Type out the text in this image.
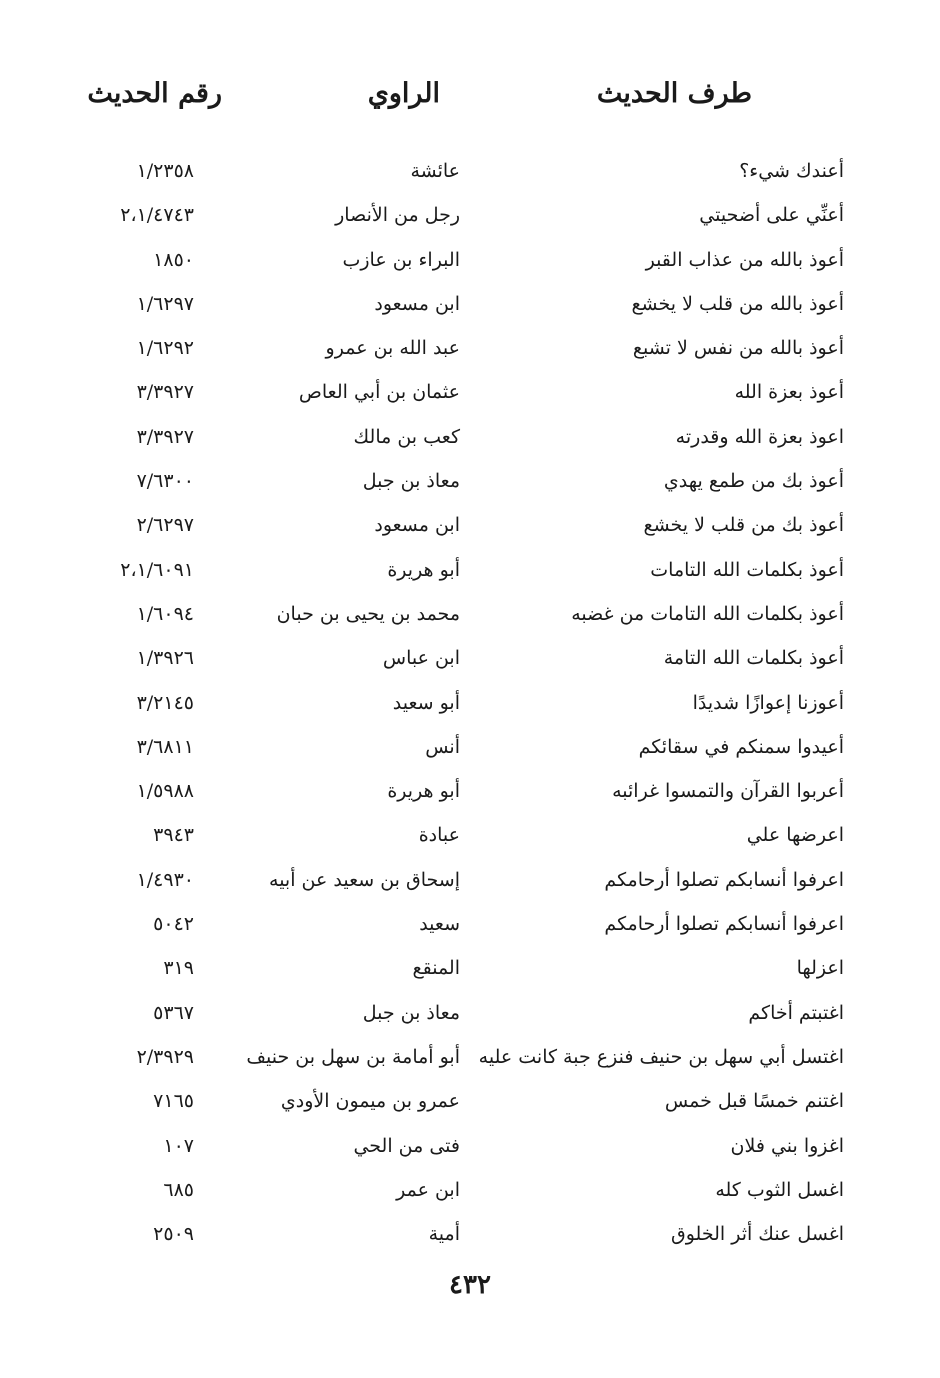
طرف الحديث
الراوي
رقم الحديث
أعندك شيء؟
عائشة
١/٢٣٥٨
أعنِّي على أضحيتي
رجل من الأنصار
٢،١/٤٧٤٣
أعوذ بالله من عذاب القبر
البراء بن عازب
١٨٥٠
أعوذ بالله من قلب لا يخشع
ابن مسعود
١/٦٢٩٧
أعوذ بالله من نفس لا تشبع
عبد الله بن عمرو
١/٦٢٩٢
أعوذ بعزة الله
عثمان بن أبي العاص
٣/٣٩٢٧
اعوذ بعزة الله وقدرته
كعب بن مالك
٣/٣٩٢٧
أعوذ بك من طمع يهدي
معاذ بن جبل
٧/٦٣٠٠
أعوذ بك من قلب لا يخشع
ابن مسعود
٢/٦٢٩٧
أعوذ بكلمات الله التامات
أبو هريرة
٢،١/٦٠٩١
أعوذ بكلمات الله التامات من غضبه
محمد بن يحيى بن حبان
١/٦٠٩٤
أعوذ بكلمات الله التامة
ابن عباس
١/٣٩٢٦
أعوزنا إعوازًا شديدًا
أبو سعيد
٣/٢١٤٥
أعيدوا سمنكم في سقائكم
أنس
٣/٦٨١١
أعربوا القرآن والتمسوا غرائبه
أبو هريرة
١/٥٩٨٨
اعرضها علي
عبادة
٣٩٤٣
اعرفوا أنسابكم تصلوا أرحامكم
إسحاق بن سعيد عن أبيه
١/٤٩٣٠
اعرفوا أنسابكم تصلوا أرحامكم
سعيد
٥٠٤٢
اعزلها
المنقع
٣١٩
اغتبتم أخاكم
معاذ بن جبل
٥٣٦٧
اغتسل أبي سهل بن حنيف فنزع جبة كانت عليه
أبو أمامة بن سهل بن حنيف
٢/٣٩٢٩
اغتنم خمسًا قبل خمس
عمرو بن ميمون الأودي
٧١٦٥
اغزوا بني فلان
فتى من الحي
١٠٧
اغسل الثوب كله
ابن عمر
٦٨٥
اغسل عنك أثر الخلوق
أمية
٢٥٠٩
٤٣٢
